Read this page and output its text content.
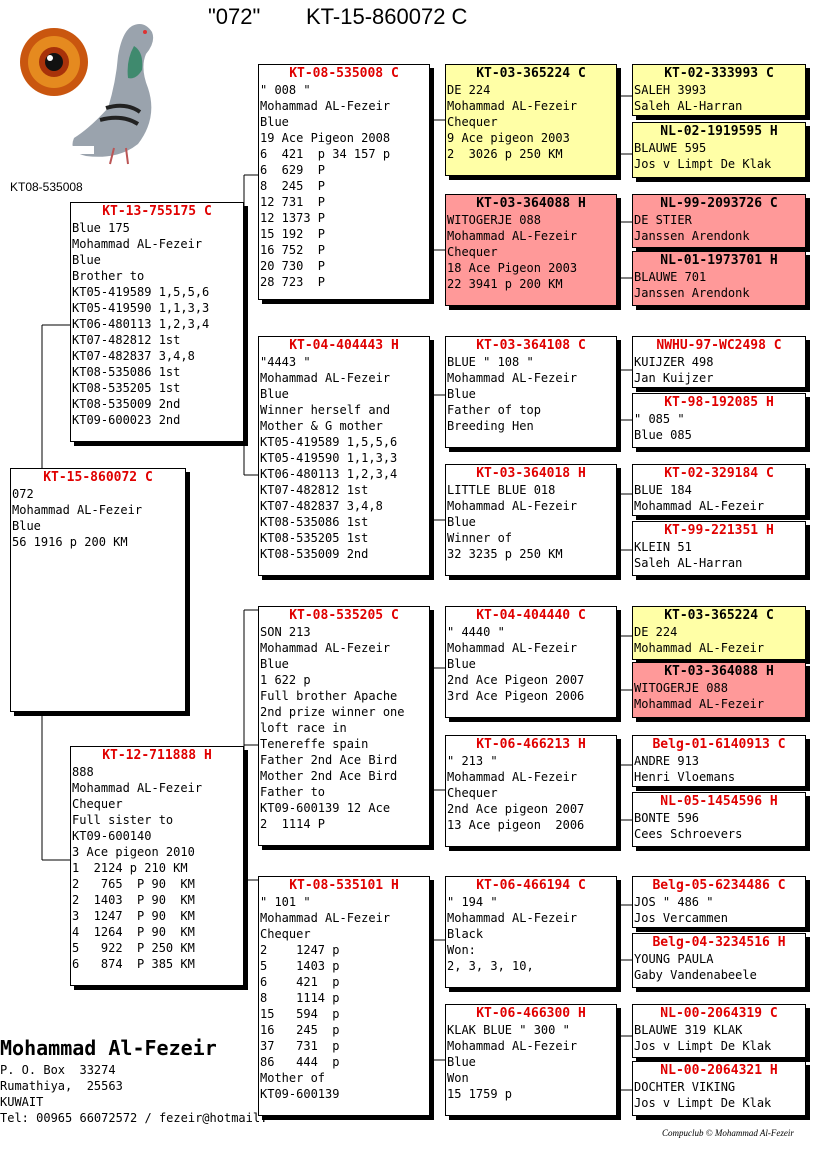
"072" KT-15-860072 C
KT08-535008
KT-15-860072 C
072
Mohammad AL-Fezeir
Blue
56 1916 p 200 KM
KT-13-755175 C
Blue 175
Mohammad AL-Fezeir
Blue
Brother to
KT05-419589 1,5,5,6
KT05-419590 1,1,3,3
KT06-480113 1,2,3,4
KT07-482812 1st
KT07-482837 3,4,8
KT08-535086 1st
KT08-535205 1st
KT08-535009 2nd
KT09-600023 2nd
KT-12-711888 H
888
Mohammad AL-Fezeir
Chequer
Full sister to
KT09-600140
3 Ace pigeon 2010
1  2124 p 210 KM
2   765  P 90  KM
2  1403  P 90  KM
3  1247  P 90  KM
4  1264  P 90  KM
5   922  P 250 KM
6   874  P 385 KM
KT-08-535008 C
" 008 "
Mohammad AL-Fezeir
Blue
19 Ace Pigeon 2008
6  421  p 34 157 p
6  629  P
8  245  P
12 731  P
12 1373 P
15 192  P
16 752  P
20 730  P
28 723  P
KT-04-404443 H
"4443 "
Mohammad AL-Fezeir
Blue
Winner herself and
Mother & G mother
KT05-419589 1,5,5,6
KT05-419590 1,1,3,3
KT06-480113 1,2,3,4
KT07-482812 1st
KT07-482837 3,4,8
KT08-535086 1st
KT08-535205 1st
KT08-535009 2nd
KT-08-535205 C
SON 213
Mohammad AL-Fezeir
Blue
1 622 p
Full brother Apache
2nd prize winner one
loft race in
Tenereffe spain
Father 2nd Ace Bird
Mother 2nd Ace Bird
Father to
KT09-600139 12 Ace
2  1114 P
KT-08-535101 H
" 101 "
Mohammad AL-Fezeir
Chequer
2    1247 p
5    1403 p
6    421  p
8    1114 p
15   594  p
16   245  p
37   731  p
86   444  p
Mother of
KT09-600139
KT-03-365224 C
DE 224
Mohammad AL-Fezeir
Chequer
9 Ace pigeon 2003
2  3026 p 250 KM
KT-03-364088 H
WITOGERJE 088
Mohammad AL-Fezeir
Chequer
18 Ace Pigeon 2003
22 3941 p 200 KM
KT-03-364108 C
BLUE " 108 "
Mohammad AL-Fezeir
Blue
Father of top
Breeding Hen
KT-03-364018 H
LITTLE BLUE 018
Mohammad AL-Fezeir
Blue
Winner of
32 3235 p 250 KM
KT-04-404440 C
" 4440 "
Mohammad AL-Fezeir
Blue
2nd Ace Pigeon 2007
3rd Ace Pigeon 2006
KT-06-466213 H
" 213 "
Mohammad AL-Fezeir
Chequer
2nd Ace pigeon 2007
13 Ace pigeon  2006
KT-06-466194 C
" 194 "
Mohammad AL-Fezeir
Black
Won:
2, 3, 3, 10,
KT-06-466300 H
KLAK BLUE " 300 "
Mohammad AL-Fezeir
Blue
Won
15 1759 p
KT-02-333993 C
SALEH 3993
Saleh AL-Harran
NL-02-1919595 H
BLAUWE 595
Jos v Limpt De Klak
NL-99-2093726 C
DE STIER
Janssen Arendonk
NL-01-1973701 H
BLAUWE 701
Janssen Arendonk
NWHU-97-WC2498 C
KUIJZER 498
Jan Kuijzer
KT-98-192085 H
" 085 "
Blue 085
KT-02-329184 C
BLUE 184
Mohammad AL-Fezeir
KT-99-221351 H
KLEIN 51
Saleh AL-Harran
KT-03-365224 C
DE 224
Mohammad AL-Fezeir
KT-03-364088 H
WITOGERJE 088
Mohammad AL-Fezeir
Belg-01-6140913 C
ANDRE 913
Henri Vloemans
NL-05-1454596 H
BONTE 596
Cees Schroevers
Belg-05-6234486 C
JOS " 486 "
Jos Vercammen
Belg-04-3234516 H
YOUNG PAULA
Gaby Vandenabeele
NL-00-2064319 C
BLAUWE 319 KLAK
Jos v Limpt De Klak
NL-00-2064321 H
DOCHTER VIKING
Jos v Limpt De Klak
Mohammad Al-Fezeir
P. O. Box  33274
Rumathiya,  25563
KUWAIT
Tel: 00965 66072572 / fezeir@hotmail.
Compuclub © Mohammad Al-Fezeir
